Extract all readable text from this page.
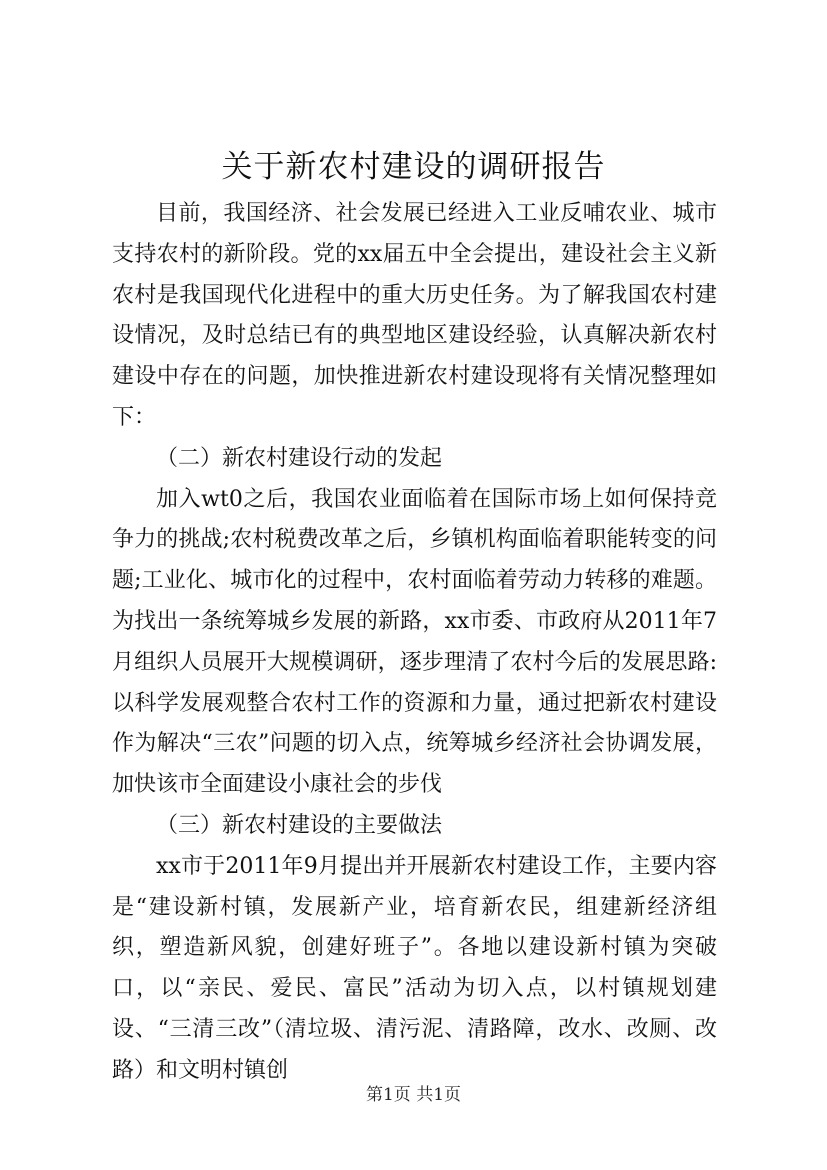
关于新农村建设的调研报告

目前，我国经济、社会发展已经进入工业反哺农业、城市支持农村的新阶段。党的xx届五中全会提出，建设社会主义新农村是我国现代化进程中的重大历史任务。为了解我国农村建设情况，及时总结已有的典型地区建设经验，认真解决新农村建设中存在的问题，加快推进新农村建设现将有关情况整理如下：

（二）新农村建设行动的发起

加入wt0之后，我国农业面临着在国际市场上如何保持竞争力的挑战;农村税费改革之后，乡镇机构面临着职能转变的问题;工业化、城市化的过程中，农村面临着劳动力转移的难题。为找出一条统筹城乡发展的新路，xx市委、市政府从2011年7月组织人员展开大规模调研，逐步理清了农村今后的发展思路:以科学发展观整合农村工作的资源和力量，通过把新农村建设作为解决“三农”问题的切入点，统筹城乡经济社会协调发展，加快该市全面建设小康社会的步伐

（三）新农村建设的主要做法

xx市于2011年9月提出并开展新农村建设工作，主要内容是“建设新村镇，发展新产业，培育新农民，组建新经济组织，塑造新风貌，创建好班子”。各地以建设新村镇为突破口，以“亲民、爱民、富民”活动为切入点，以村镇规划建设、“三清三改”（清垃圾、清污泥、清路障，改水、改厕、改路）和文明村镇创

第1页 共1页
